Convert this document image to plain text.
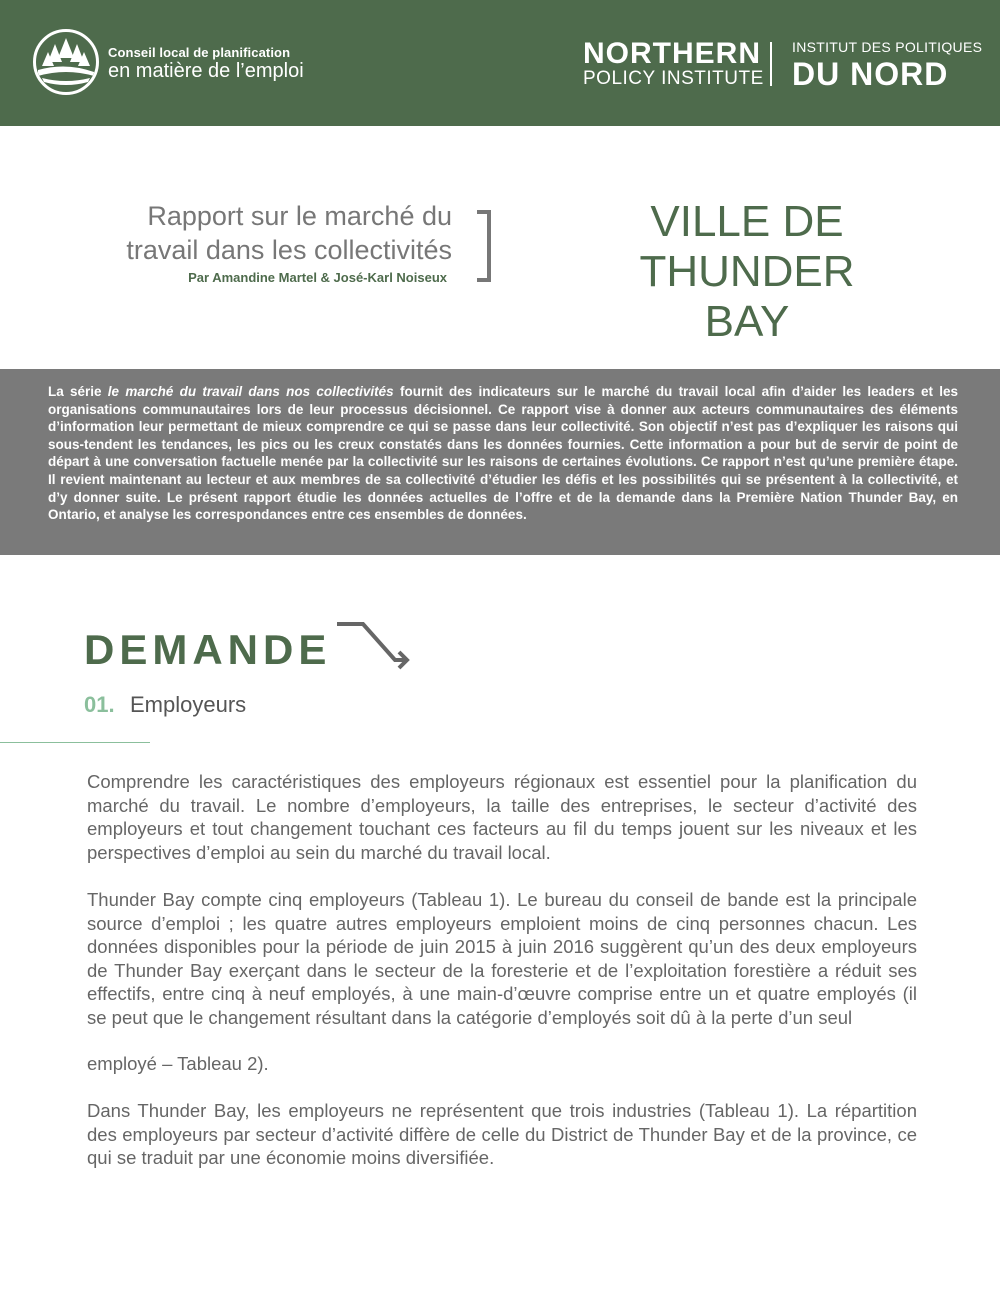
Conseil local de planification
en matière de l’emploi
NORTHERN
POLICY INSTITUTE
INSTITUT DES POLITIQUES
DU NORD
Rapport sur le marché du
travail dans les collectivités
Par Amandine Martel & José-Karl Noiseux
VILLE DE
THUNDER BAY
La série le marché du travail dans nos collectivités fournit des indicateurs sur le marché du travail local afin d’aider les leaders et les organisations communautaires lors de leur processus décisionnel. Ce rapport vise à donner aux acteurs communautaires des éléments d’information leur permettant de mieux comprendre ce qui se passe dans leur collectivité. Son objectif n’est pas d’expliquer les raisons qui sous-tendent les tendances, les pics ou les creux constatés dans les données fournies. Cette information a pour but de servir de point de départ à une conversation factuelle menée par la collectivité sur les raisons de certaines évolutions. Ce rapport n’est qu’une première étape. Il revient maintenant au lecteur et aux membres de sa collectivité d’étudier les défis et les possibilités qui se présentent à la collectivité, et d’y donner suite. Le présent rapport étudie les données actuelles de l’offre et de la demande dans la Première Nation Thunder Bay, en Ontario, et analyse les correspondances entre ces ensembles de données.
DEMANDE
01. Employeurs
Comprendre les caractéristiques des employeurs régionaux est essentiel pour la planification du marché du travail. Le nombre d’employeurs, la taille des entreprises, le secteur d’activité des employeurs et tout changement touchant ces facteurs au fil du temps jouent sur les niveaux et les perspectives d’emploi au sein du marché du travail local.
Thunder Bay compte cinq employeurs (Tableau 1). Le bureau du conseil de bande est la principale source d’emploi ; les quatre autres employeurs emploient moins de cinq personnes chacun. Les données disponibles pour la période de juin 2015 à juin 2016 suggèrent qu’un des deux employeurs de Thunder Bay exerçant dans le secteur de la foresterie et de l’exploitation forestière a réduit ses effectifs, entre cinq à neuf employés, à une main-d’œuvre comprise entre un et quatre employés (il se peut que le changement résultant dans la catégorie d’employés soit dû à la perte d’un seul
employé – Tableau 2).
Dans Thunder Bay, les employeurs ne représentent que trois industries (Tableau 1). La répartition des employeurs par secteur d’activité diffère de celle du District de Thunder Bay et de la province, ce qui se traduit par une économie moins diversifiée.
